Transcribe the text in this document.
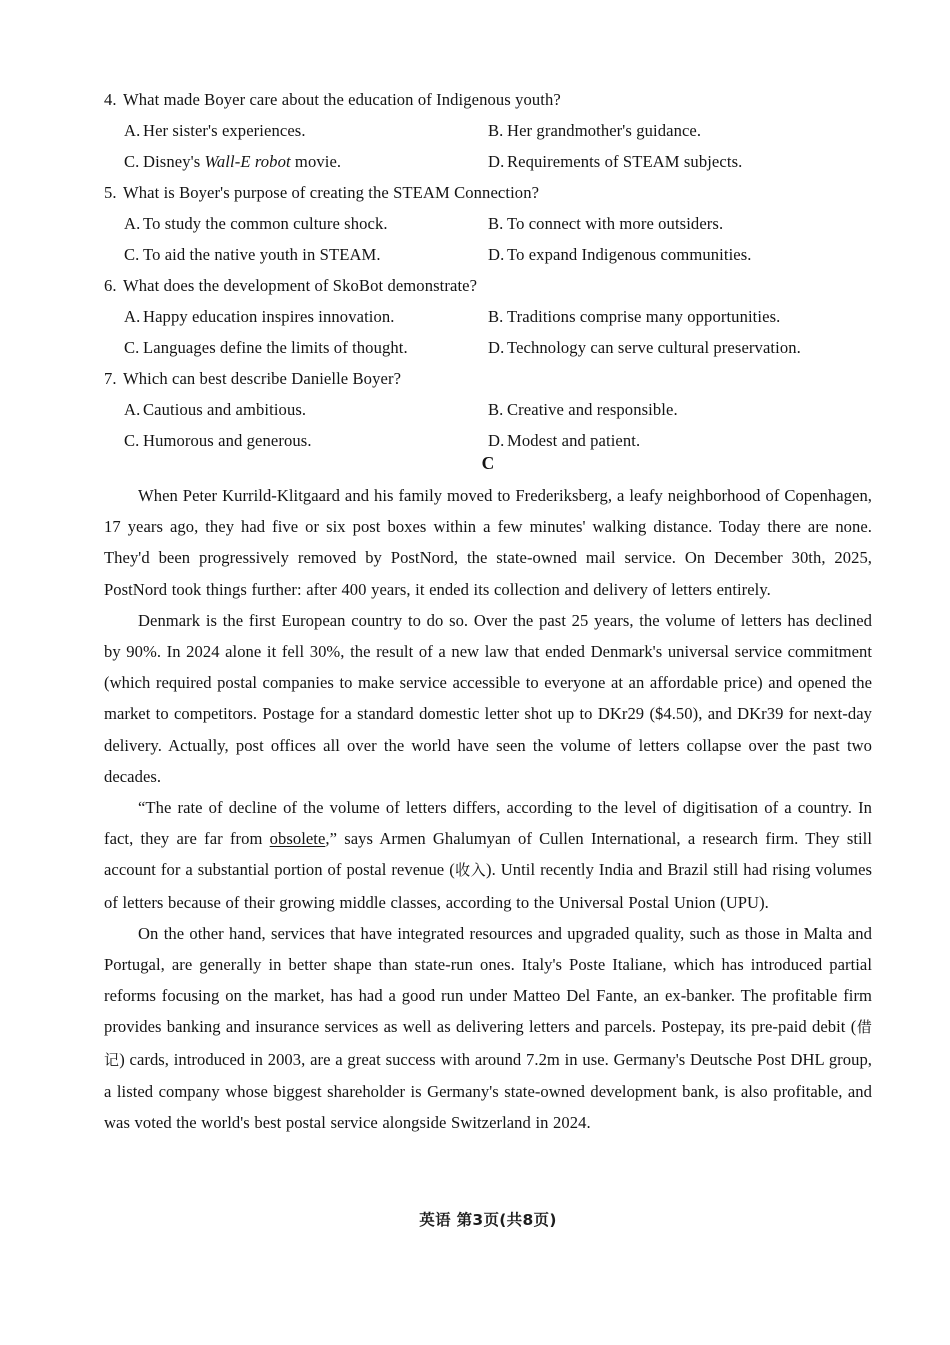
4. What made Boyer care about the education of Indigenous youth?
A. Her sister's experiences.	B. Her grandmother's guidance.
C. Disney's Wall-E robot movie.	D. Requirements of STEAM subjects.
5. What is Boyer's purpose of creating the STEAM Connection?
A. To study the common culture shock.	B. To connect with more outsiders.
C. To aid the native youth in STEAM.	D. To expand Indigenous communities.
6. What does the development of SkoBot demonstrate?
A. Happy education inspires innovation.	B. Traditions comprise many opportunities.
C. Languages define the limits of thought.	D. Technology can serve cultural preservation.
7. Which can best describe Danielle Boyer?
A. Cautious and ambitious.	B. Creative and responsible.
C. Humorous and generous.	D. Modest and patient.
C

When Peter Kurrild-Klitgaard and his family moved to Frederiksberg, a leafy neighborhood of Copenhagen, 17 years ago, they had five or six post boxes within a few minutes' walking distance. Today there are none. They'd been progressively removed by PostNord, the state-owned mail service. On December 30th, 2025, PostNord took things further: after 400 years, it ended its collection and delivery of letters entirely.

Denmark is the first European country to do so. Over the past 25 years, the volume of letters has declined by 90%. In 2024 alone it fell 30%, the result of a new law that ended Denmark's universal service commitment (which required postal companies to make service accessible to everyone at an affordable price) and opened the market to competitors. Postage for a standard domestic letter shot up to DKr29 ($4.50), and DKr39 for next-day delivery. Actually, post offices all over the world have seen the volume of letters collapse over the past two decades.

“The rate of decline of the volume of letters differs, according to the level of digitisation of a country. In fact, they are far from obsolete,” says Armen Ghalumyan of Cullen International, a research firm. They still account for a substantial portion of postal revenue (收入). Until recently India and Brazil still had rising volumes of letters because of their growing middle classes, according to the Universal Postal Union (UPU).

On the other hand, services that have integrated resources and upgraded quality, such as those in Malta and Portugal, are generally in better shape than state-run ones. Italy's Poste Italiane, which has introduced partial reforms focusing on the market, has had a good run under Matteo Del Fante, an ex-banker. The profitable firm provides banking and insurance services as well as delivering letters and parcels. Postepay, its pre-paid debit (借记) cards, introduced in 2003, are a great success with around 7.2m in use. Germany's Deutsche Post DHL group, a listed company whose biggest shareholder is Germany's state-owned development bank, is also profitable, and was voted the world's best postal service alongside Switzerland in 2024.

英语 第3页(共8页)
